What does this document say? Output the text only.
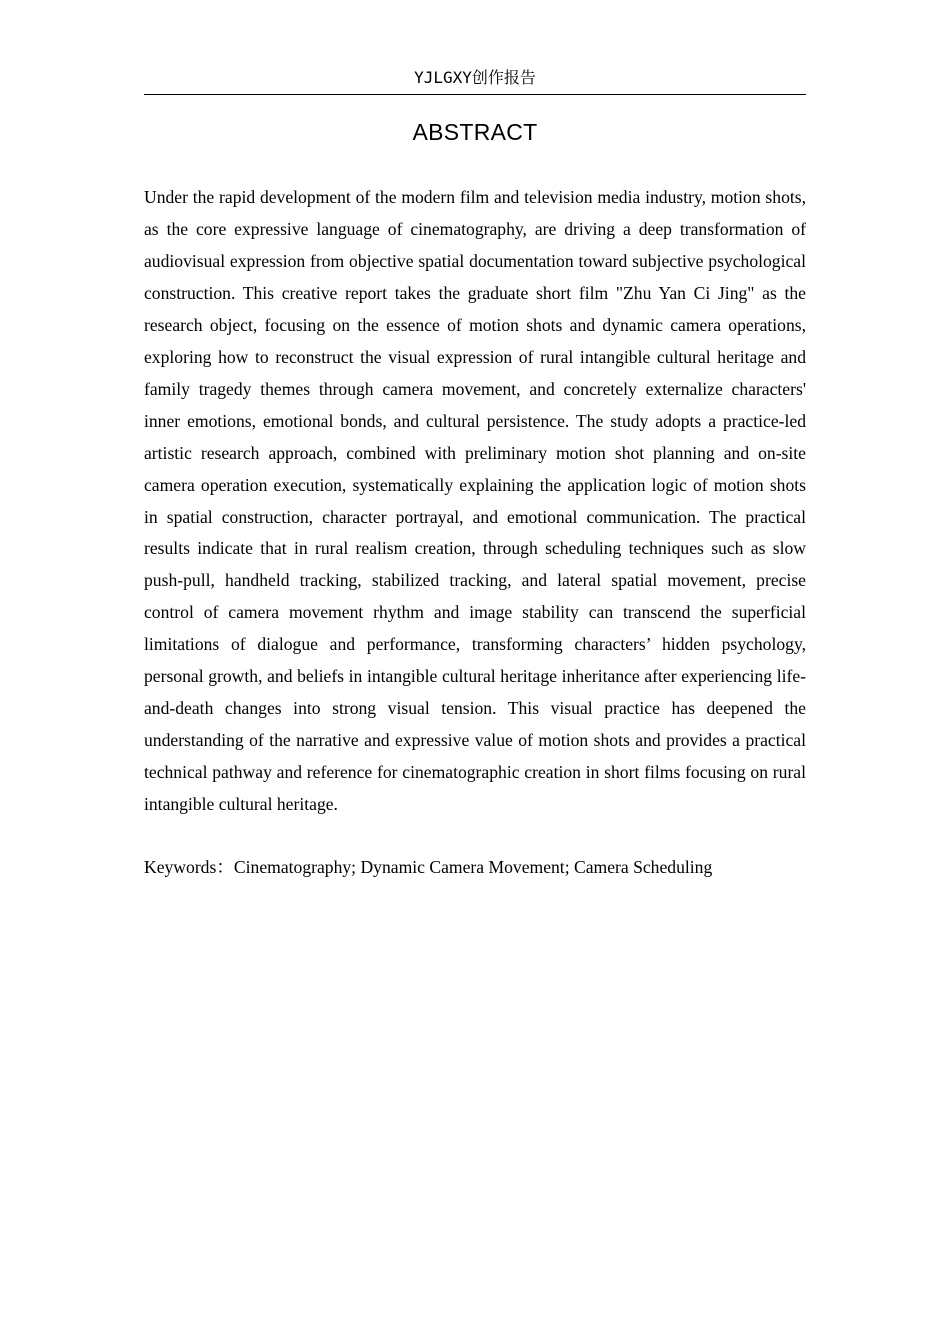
YJLGXY创作报告
ABSTRACT

Under the rapid development of the modern film and television media industry, motion shots, as the core expressive language of cinematography, are driving a deep transformation of audiovisual expression from objective spatial documentation toward subjective psychological construction. This creative report takes the graduate short film "Zhu Yan Ci Jing" as the research object, focusing on the essence of motion shots and dynamic camera operations, exploring how to reconstruct the visual expression of rural intangible cultural heritage and family tragedy themes through camera movement, and concretely externalize characters' inner emotions, emotional bonds, and cultural persistence. The study adopts a practice-led artistic research approach, combined with preliminary motion shot planning and on-site camera operation execution, systematically explaining the application logic of motion shots in spatial construction, character portrayal, and emotional communication. The practical results indicate that in rural realism creation, through scheduling techniques such as slow push-pull, handheld tracking, stabilized tracking, and lateral spatial movement, precise control of camera movement rhythm and image stability can transcend the superficial limitations of dialogue and performance, transforming characters’ hidden psychology, personal growth, and beliefs in intangible cultural heritage inheritance after experiencing life-and-death changes into strong visual tension. This visual practice has deepened the understanding of the narrative and expressive value of motion shots and provides a practical technical pathway and reference for cinematographic creation in short films focusing on rural intangible cultural heritage.

Keywords：Cinematography; Dynamic Camera Movement; Camera Scheduling
